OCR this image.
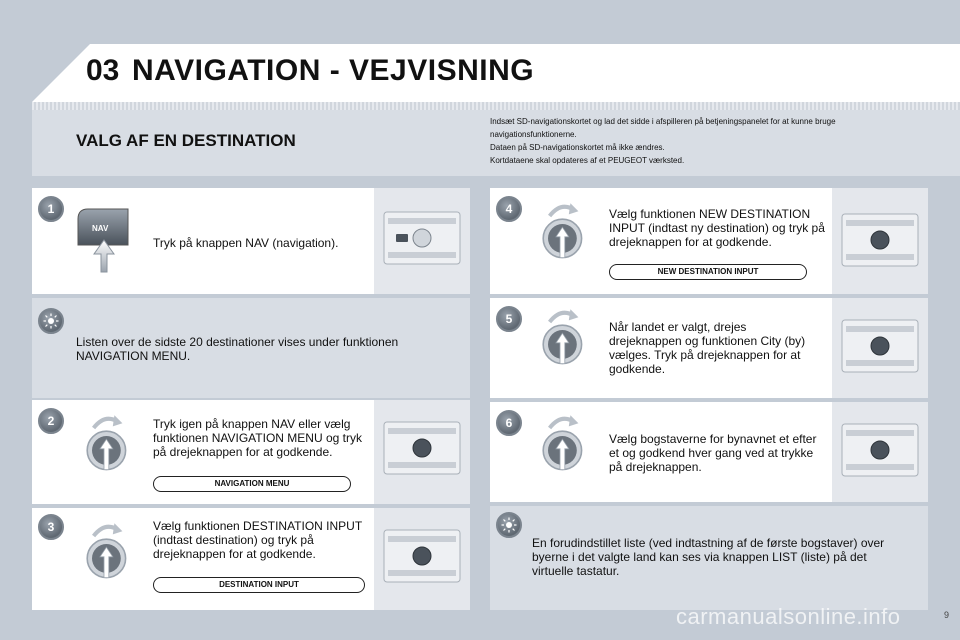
03 NAVIGATION - VEJVISNING
VALG AF EN DESTINATION
Indsæt SD-navigationskortet og lad det sidde i afspilleren på betjeningspanelet for at kunne bruge
navigationsfunktionerne.
Dataen på SD-navigationskortet må ikke ændres.
Kortdataene skal opdateres af et PEUGEOT værksted.
1
NAV
Tryk på knappen NAV (navigation).
Listen over de sidste 20 destinationer vises under funktionen NAVIGATION MENU.
2	Tryk igen på knappen NAV eller vælg funktionen NAVIGATION MENU og tryk på drejeknappen for at godkende.
NAVIGATION MENU
3	Vælg funktionen DESTINATION INPUT (indtast destination) og tryk på drejeknappen for at godkende.
DESTINATION INPUT
4	Vælg funktionen NEW DESTINATION INPUT (indtast ny destination) og tryk på drejeknappen for at godkende.
NEW DESTINATION INPUT
5
Når landet er valgt, drejes drejeknappen og funktionen City (by) vælges. Tryk på drejeknappen for at godkende.
6
Vælg bogstaverne for bynavnet et efter et og godkend hver gang ved at trykke på drejeknappen.
En forudindstillet liste (ved indtastning af de første bogstaver) over byerne i det valgte land kan ses via knappen LIST (liste) på det virtuelle tastatur.
carmanualsonline.info	9
